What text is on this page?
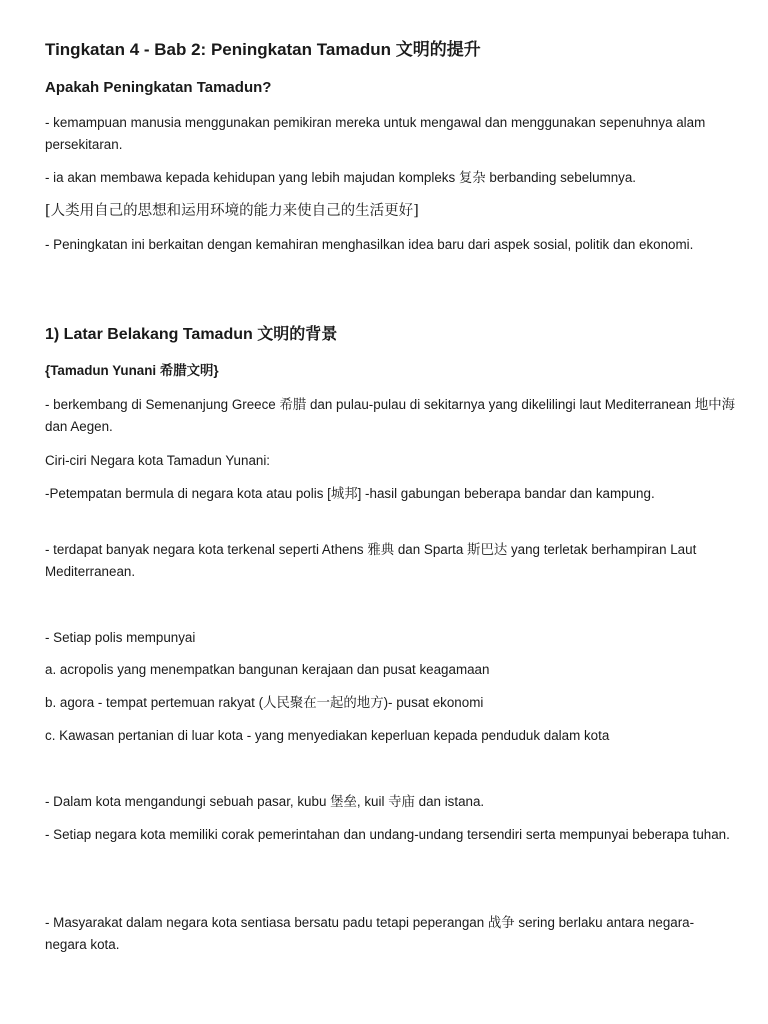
Tingkatan 4 - Bab 2: Peningkatan Tamadun 文明的提升
Apakah Peningkatan Tamadun?
- kemampuan manusia menggunakan pemikiran mereka untuk mengawal dan menggunakan sepenuhnya alam persekitaran.
- ia akan membawa kepada kehidupan yang lebih majudan kompleks 复杂 berbanding sebelumnya.
[人类用自己的思想和运用环境的能力来使自己的生活更好]
- Peningkatan ini berkaitan dengan kemahiran menghasilkan idea baru dari aspek sosial, politik dan ekonomi.
1) Latar Belakang Tamadun 文明的背景
{Tamadun Yunani 希腊文明}
- berkembang di Semenanjung Greece 希腊 dan pulau-pulau di sekitarnya yang dikelilingi laut Mediterranean 地中海 dan Aegen.
Ciri-ciri Negara kota Tamadun Yunani:
-Petempatan bermula di negara kota atau polis [城邦] -hasil gabungan beberapa bandar dan kampung.
- terdapat banyak negara kota terkenal seperti Athens 雅典 dan Sparta 斯巴达 yang terletak berhampiran Laut Mediterranean.
- Setiap polis mempunyai
a. acropolis yang menempatkan bangunan kerajaan dan pusat keagamaan
b. agora - tempat pertemuan rakyat (人民聚在一起的地方)- pusat ekonomi
c. Kawasan pertanian di luar kota - yang menyediakan keperluan kepada penduduk dalam kota
- Dalam kota mengandungi sebuah pasar, kubu 堡垒, kuil 寺庙 dan istana.
- Setiap negara kota memiliki corak pemerintahan dan undang-undang tersendiri serta mempunyai beberapa tuhan.
- Masyarakat dalam negara kota sentiasa bersatu padu tetapi peperangan 战争 sering berlaku antara negara-negara kota.
